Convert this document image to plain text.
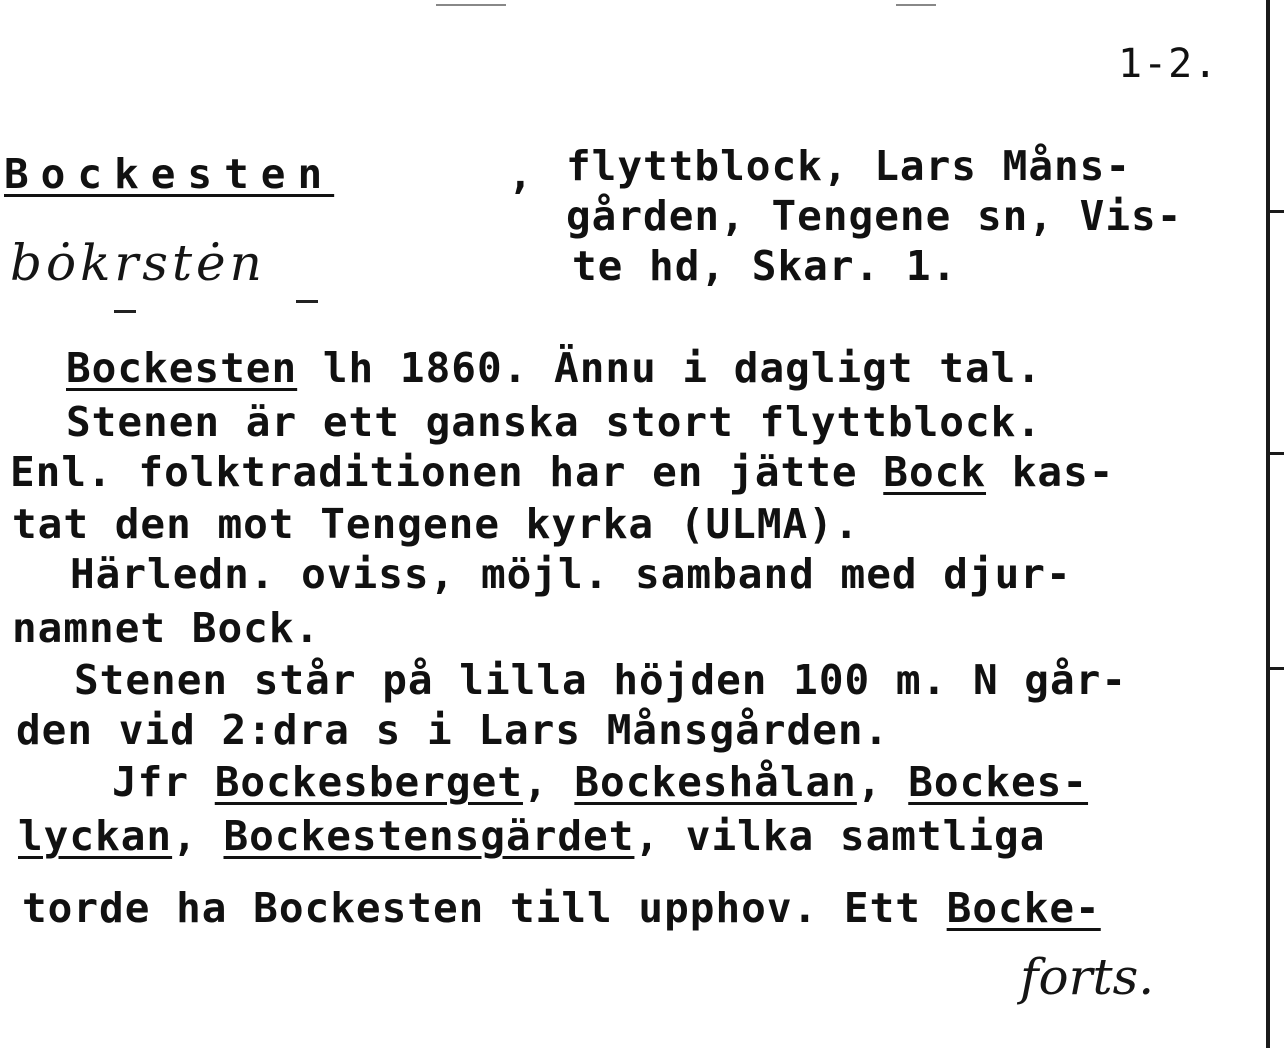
1-2.
Bockesten	, flyttblock, Lars Måns-
gården, Tengene sn, Vis-
te hd, Skar. 1.
bȯkrstėn
Bockesten lh 1860. Ännu i dagligt tal.
Stenen är ett ganska stort flyttblock.
Enl. folktraditionen har en jätte Bock kas-
tat den mot Tengene kyrka (ULMA).
Härledn. oviss, möjl. samband med djur-
namnet Bock.
Stenen står på lilla höjden 100 m. N går-
den vid 2:dra s i Lars Månsgården.
Jfr Bockesberget, Bockeshålan, Bockes-
lyckan, Bockestensgärdet, vilka samtliga
torde ha Bockesten till upphov. Ett Bocke-
forts.
